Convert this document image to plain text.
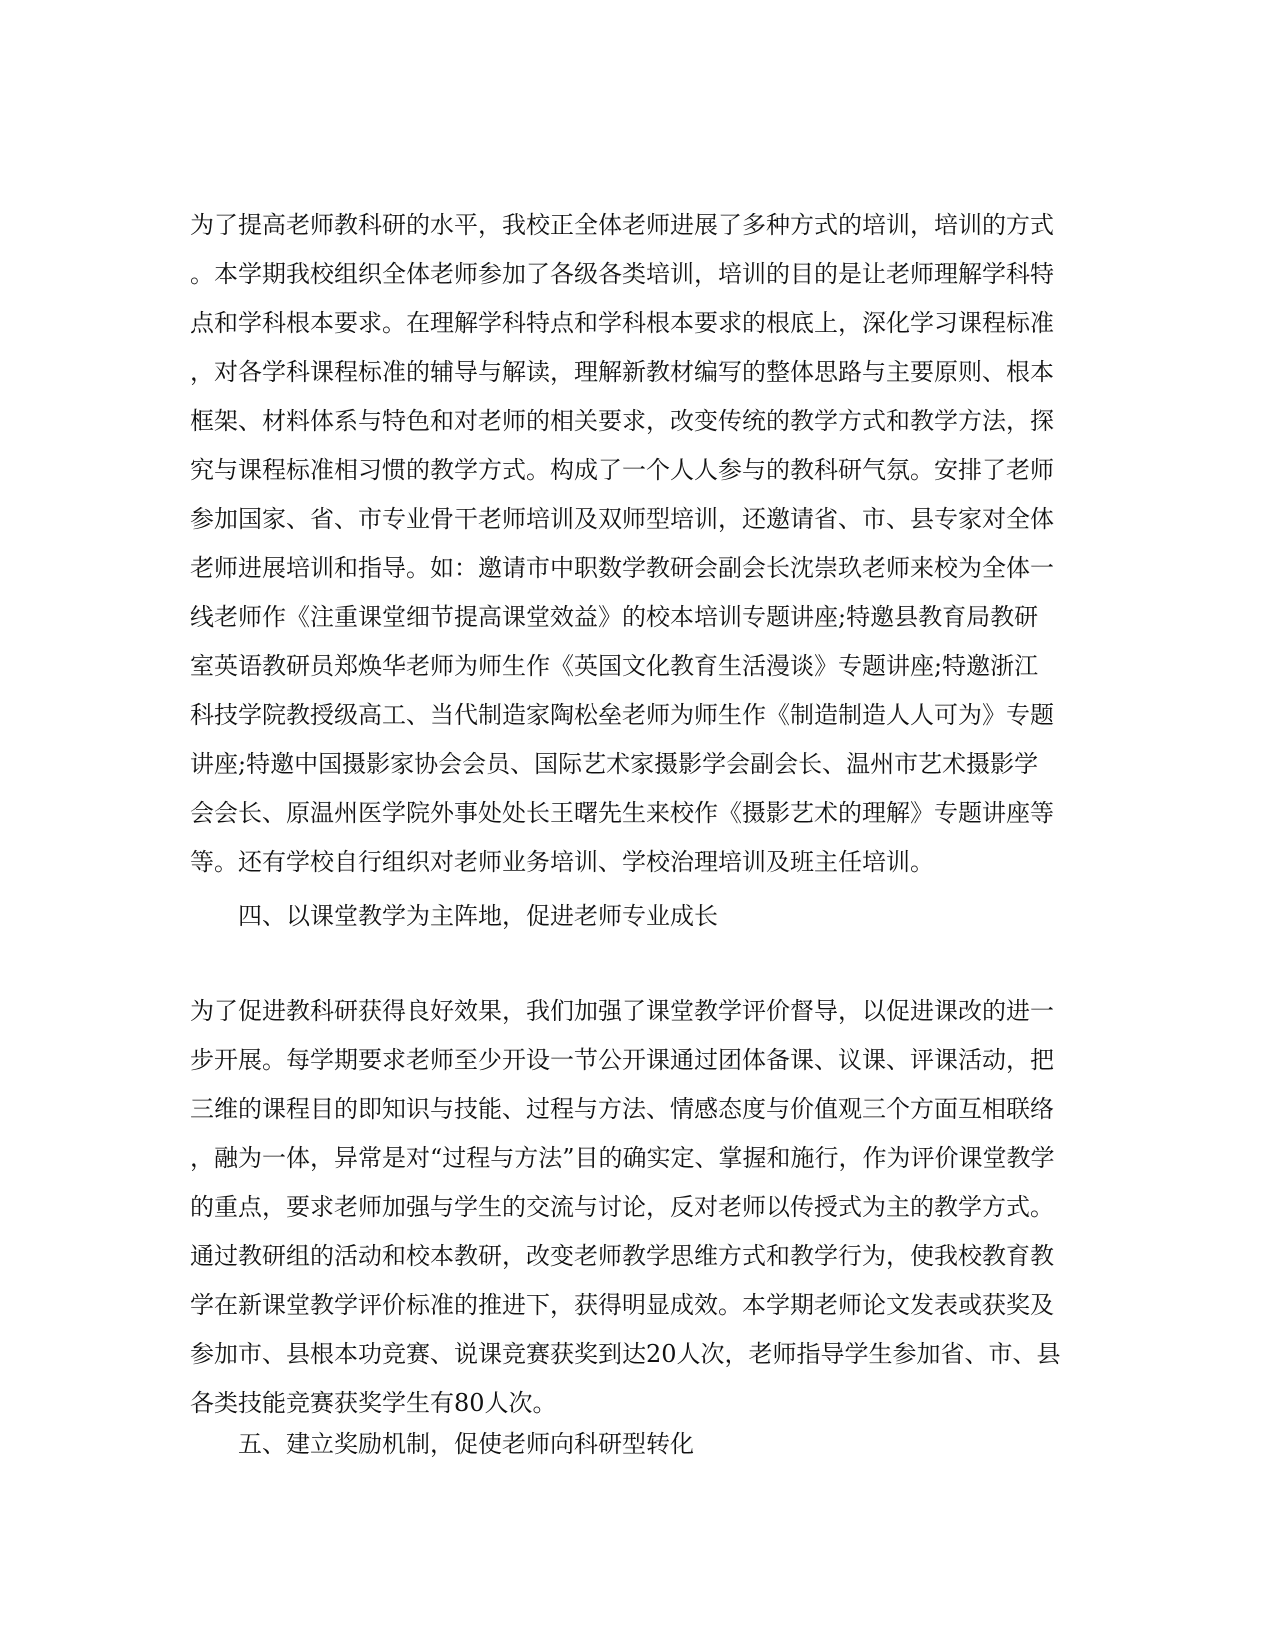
为了提高老师教科研的水平，我校正全体老师进展了多种方式的培训，培训的方式
。本学期我校组织全体老师参加了各级各类培训，培训的目的是让老师理解学科特
点和学科根本要求。在理解学科特点和学科根本要求的根底上，深化学习课程标准
，对各学科课程标准的辅导与解读，理解新教材编写的整体思路与主要原则、根本
框架、材料体系与特色和对老师的相关要求，改变传统的教学方式和教学方法，探
究与课程标准相习惯的教学方式。构成了一个人人参与的教科研气氛。安排了老师
参加国家、省、市专业骨干老师培训及双师型培训，还邀请省、市、县专家对全体
老师进展培训和指导。如：邀请市中职数学教研会副会长沈崇玖老师来校为全体一
线老师作《注重课堂细节提高课堂效益》的校本培训专题讲座;特邀县教育局教研
室英语教研员郑焕华老师为师生作《英国文化教育生活漫谈》专题讲座;特邀浙江
科技学院教授级高工、当代制造家陶松垒老师为师生作《制造制造人人可为》专题
讲座;特邀中国摄影家协会会员、国际艺术家摄影学会副会长、温州市艺术摄影学
会会长、原温州医学院外事处处长王曙先生来校作《摄影艺术的理解》专题讲座等
等。还有学校自行组织对老师业务培训、学校治理培训及班主任培训。
四、以课堂教学为主阵地，促进老师专业成长
为了促进教科研获得良好效果，我们加强了课堂教学评价督导，以促进课改的进一
步开展。每学期要求老师至少开设一节公开课通过团体备课、议课、评课活动，把
三维的课程目的即知识与技能、过程与方法、情感态度与价值观三个方面互相联络
，融为一体，异常是对“过程与方法”目的确实定、掌握和施行，作为评价课堂教学
的重点，要求老师加强与学生的交流与讨论，反对老师以传授式为主的教学方式。
通过教研组的活动和校本教研，改变老师教学思维方式和教学行为，使我校教育教
学在新课堂教学评价标准的推进下，获得明显成效。本学期老师论文发表或获奖及
参加市、县根本功竞赛、说课竞赛获奖到达20人次，老师指导学生参加省、市、县
各类技能竞赛获奖学生有80人次。
五、建立奖励机制，促使老师向科研型转化
